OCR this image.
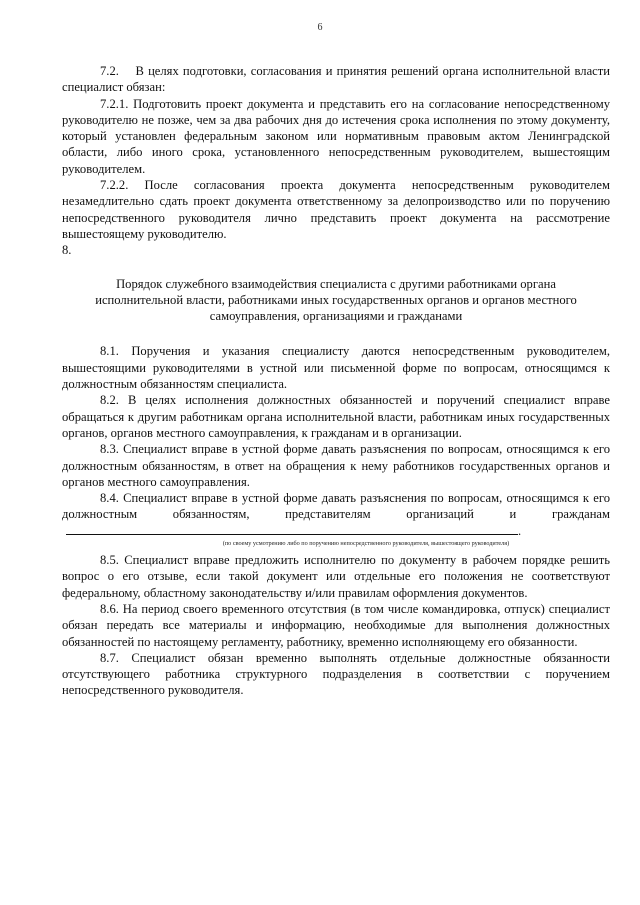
6

7.2.    В целях подготовки, согласования и принятия решений органа исполнительной власти специалист обязан:

7.2.1. Подготовить проект документа и представить его на согласование непосредственному руководителю не позже, чем за два рабочих дня до истечения срока исполнения по этому документу, который установлен федеральным законом или нормативным правовым актом Ленинградской области, либо иного срока, установленного непосредственным руководителем, вышестоящим руководителем.

7.2.2. После согласования проекта документа непосредственным руководителем незамедлительно сдать проект документа ответственному за делопроизводство или по поручению непосредственного руководителя лично представить проект документа на рассмотрение вышестоящему руководителю.

8.
Порядок служебного взаимодействия специалиста с другими работниками органа исполнительной власти, работниками иных государственных органов и органов местного самоуправления, организациями и гражданами

8.1. Поручения и указания специалисту даются непосредственным руководителем, вышестоящими руководителями в устной или письменной форме по вопросам, относящимся к должностным обязанностям специалиста.

8.2. В целях исполнения должностных обязанностей и поручений специалист вправе обращаться к другим работникам органа исполнительной власти, работникам иных государственных органов, органов местного самоуправления, к гражданам и в организации.

8.3. Специалист вправе в устной форме давать разъяснения по вопросам, относящимся к его должностным обязанностям, в ответ на обращения к нему работников государственных органов и органов местного самоуправления.

8.4. Специалист вправе в устной форме давать разъяснения по вопросам, относящимся к его должностным обязанностям, представителям организаций и гражданам.

(по своему усмотрению либо по поручению непосредственного руководителя, вышестоящего руководителя)

8.5. Специалист вправе предложить исполнителю по документу в рабочем порядке решить вопрос о его отзыве, если такой документ или отдельные его положения не соответствуют федеральному, областному законодательству и/или правилам оформления документов.

8.6. На период своего временного отсутствия (в том числе командировка, отпуск) специалист обязан передать все материалы и информацию, необходимые для выполнения должностных обязанностей по настоящему регламенту, работнику, временно исполняющему его обязанности.

8.7. Специалист обязан временно выполнять отдельные должностные обязанности отсутствующего работника структурного подразделения в соответствии с поручением непосредственного руководителя.
